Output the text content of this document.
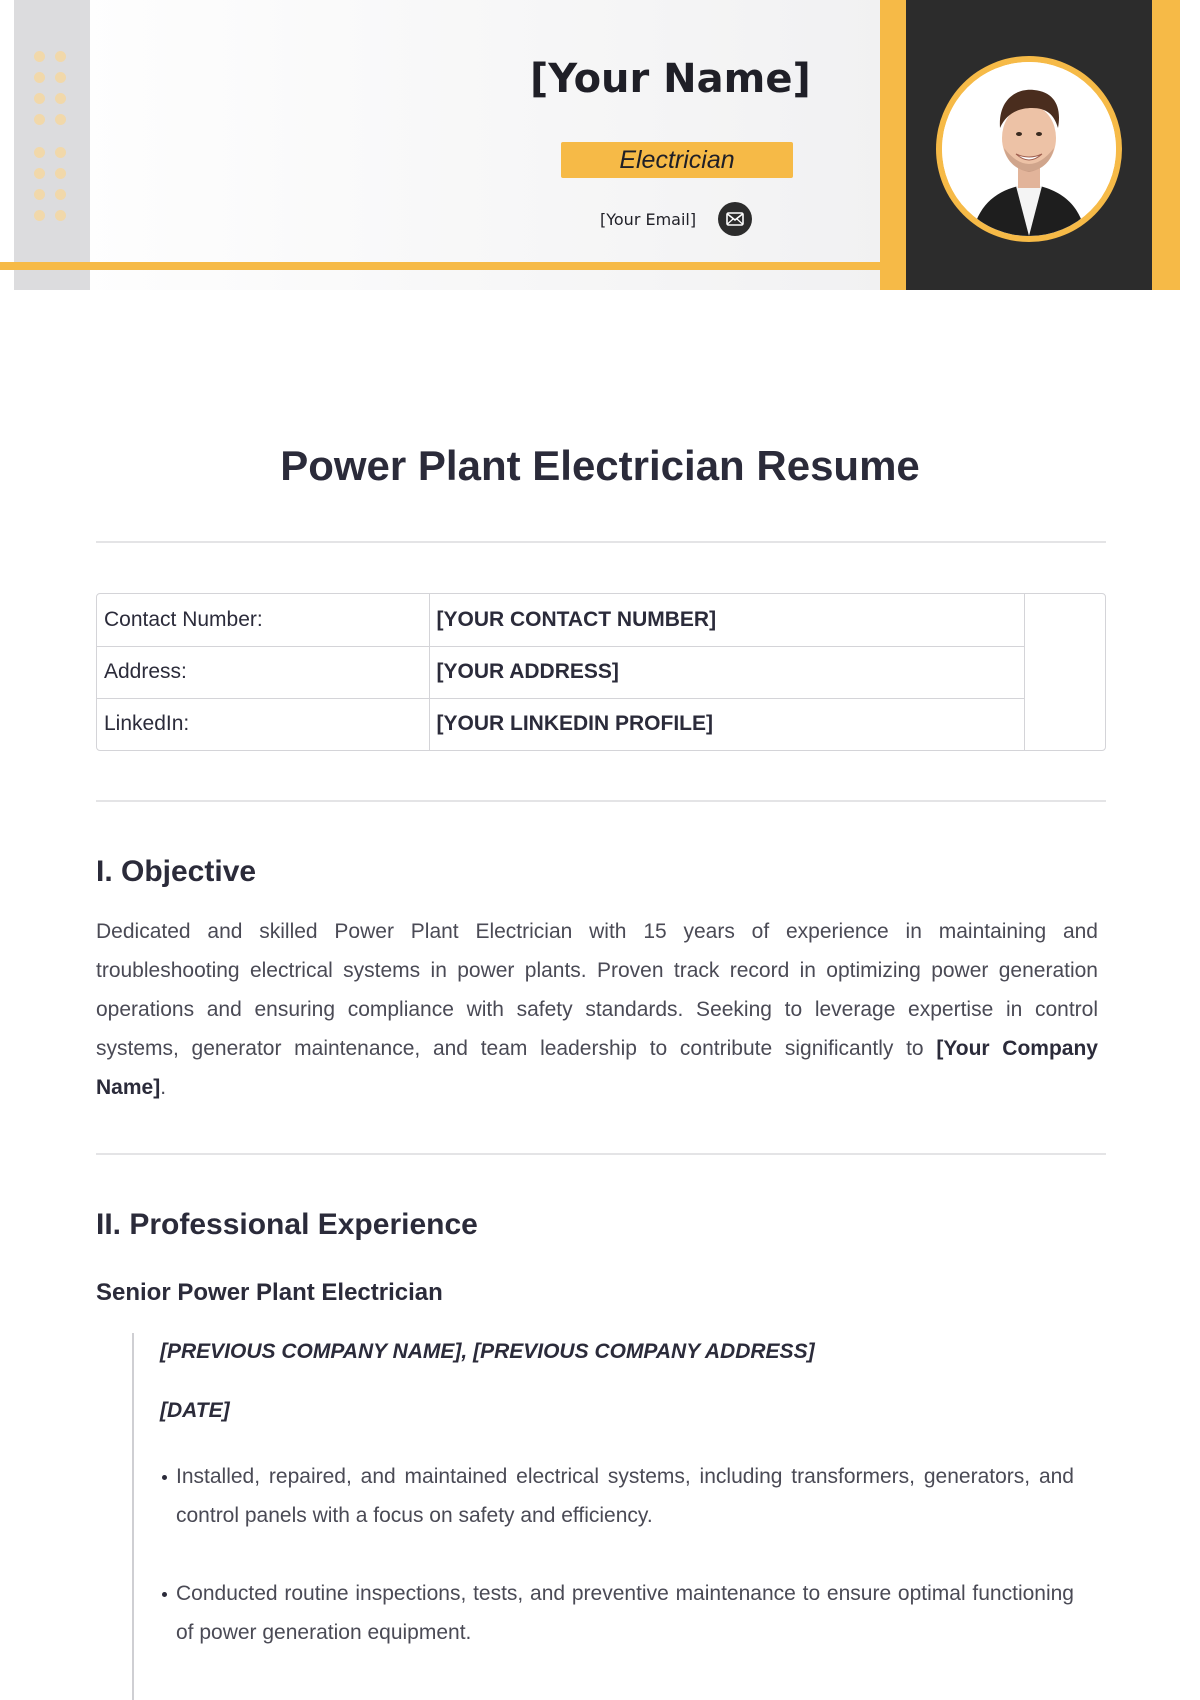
[Your Name]
Electrician
[Your Email]
Power Plant Electrician Resume
Contact Number:	[YOUR CONTACT NUMBER]
Address:	[YOUR ADDRESS]
LinkedIn:	[YOUR LINKEDIN PROFILE]
I. Objective

Dedicated and skilled Power Plant Electrician with 15 years of experience in maintaining and troubleshooting electrical systems in power plants. Proven track record in optimizing power generation operations and ensuring compliance with safety standards. Seeking to leverage expertise in control systems, generator maintenance, and team leadership to contribute significantly to [Your Company Name].

II. Professional Experience
Senior Power Plant Electrician
[PREVIOUS COMPANY NAME], [PREVIOUS COMPANY ADDRESS]
[DATE]
Installed, repaired, and maintained electrical systems, including transformers, generators, and control panels with a focus on safety and efficiency.
Conducted routine inspections, tests, and preventive maintenance to ensure optimal functioning of power generation equipment.
